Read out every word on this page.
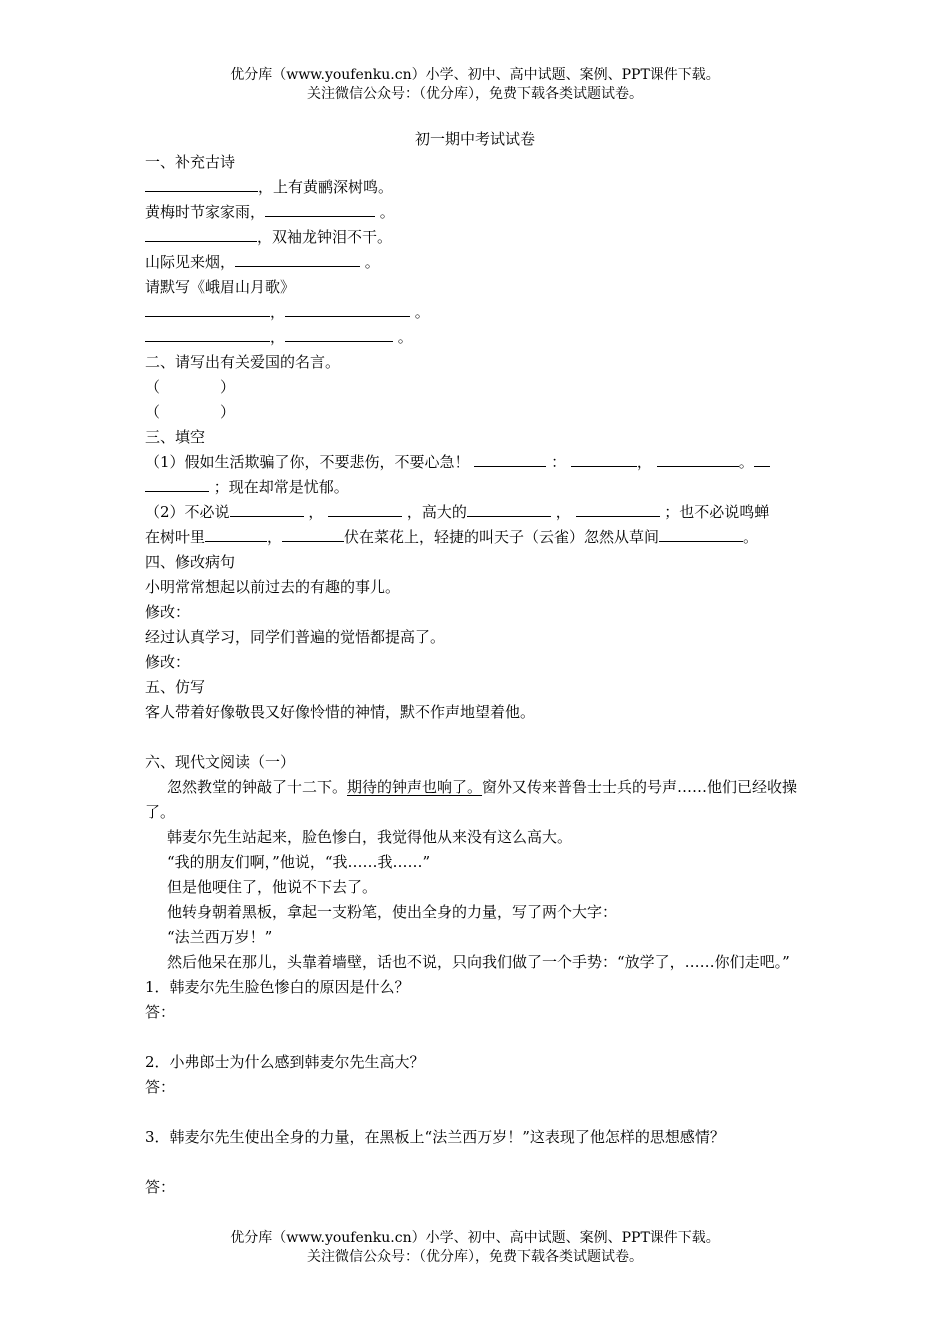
优分库（www.youfenku.cn）小学、初中、高中试题、案例、PPT课件下载。
关注微信公众号：（优分库），免费下载各类试题试卷。
初一期中考试试卷
一、补充古诗
，上有黄鹂深树鸣。
黄梅时节家家雨，	。
，双袖龙钟泪不干。
山际见来烟，	。
请默写《峨眉山月歌》
，	。
，	。
二、请写出有关爱国的名言。
（　　　　）
（　　　　）
三、填空
（1）假如生活欺骗了你，不要悲伤，不要心急！	：	，	。
；现在却常是忧郁。
（2）不必说	，	，高大的	，	；也不必说鸣蝉
在树叶里	，	伏在菜花上，轻捷的叫天子（云雀）忽然从草间	。
四、修改病句
小明常常想起以前过去的有趣的事儿。
修改：
经过认真学习，同学们普遍的觉悟都提高了。
修改：
五、仿写
客人带着好像敬畏又好像怜惜的神情，默不作声地望着他。
六、现代文阅读（一）
忽然教堂的钟敲了十二下。期待的钟声也响了。窗外又传来普鲁士士兵的号声……他们已经收操了。
韩麦尔先生站起来，脸色惨白，我觉得他从来没有这么高大。
“我的朋友们啊，”他说，“我……我……”
但是他哽住了，他说不下去了。
他转身朝着黑板，拿起一支粉笔，使出全身的力量，写了两个大字：
“法兰西万岁！”
然后他呆在那儿，头靠着墙壁，话也不说，只向我们做了一个手势：“放学了，……你们走吧。”
1．韩麦尔先生脸色惨白的原因是什么？
答：
2．小弗郎士为什么感到韩麦尔先生高大？
答：
3．韩麦尔先生使出全身的力量，在黑板上“法兰西万岁！”这表现了他怎样的思想感情？
答：
优分库（www.youfenku.cn）小学、初中、高中试题、案例、PPT课件下载。
关注微信公众号：（优分库），免费下载各类试题试卷。
